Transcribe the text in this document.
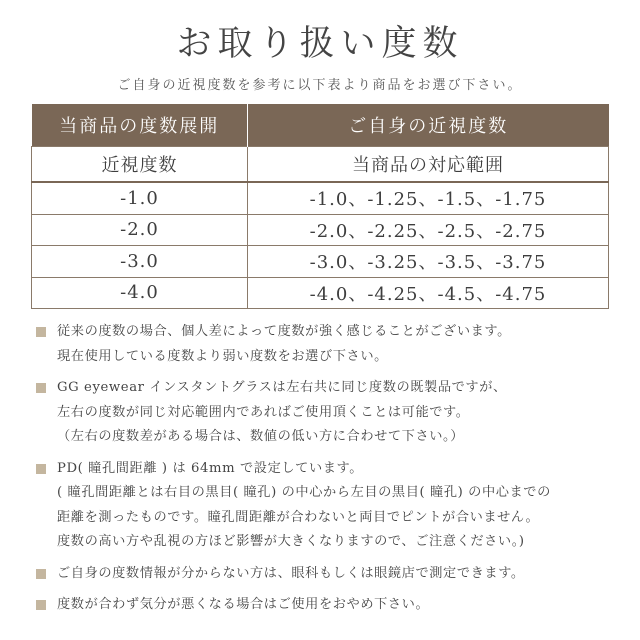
お取り扱い度数
ご自身の近視度数を参考に以下表より商品をお選び下さい。
当商品の度数展開	ご自身の近視度数
近視度数	当商品の対応範囲
-1.0	-1.0、-1.25、-1.5、-1.75
-2.0	-2.0、-2.25、-2.5、-2.75
-3.0	-3.0、-3.25、-3.5、-3.75
-4.0	-4.0、-4.25、-4.5、-4.75
従来の度数の場合、個人差によって度数が強く感じることがございます。
現在使用している度数より弱い度数をお選び下さい。
GG eyewear インスタントグラスは左右共に同じ度数の既製品ですが、
左右の度数が同じ対応範囲内であればご使用頂くことは可能です。
（左右の度数差がある場合は、数値の低い方に合わせて下さい。）
PD( 瞳孔間距離 ) は 64mm で設定しています。
( 瞳孔間距離とは右目の黒目( 瞳孔) の中心から左目の黒目( 瞳孔) の中心までの
距離を測ったものです。瞳孔間距離が合わないと両目でピントが合いません。
度数の高い方や乱視の方ほど影響が大きくなりますので、ご注意ください。)
ご自身の度数情報が分からない方は、眼科もしくは眼鏡店で測定できます。
度数が合わず気分が悪くなる場合はご使用をおやめ下さい。
